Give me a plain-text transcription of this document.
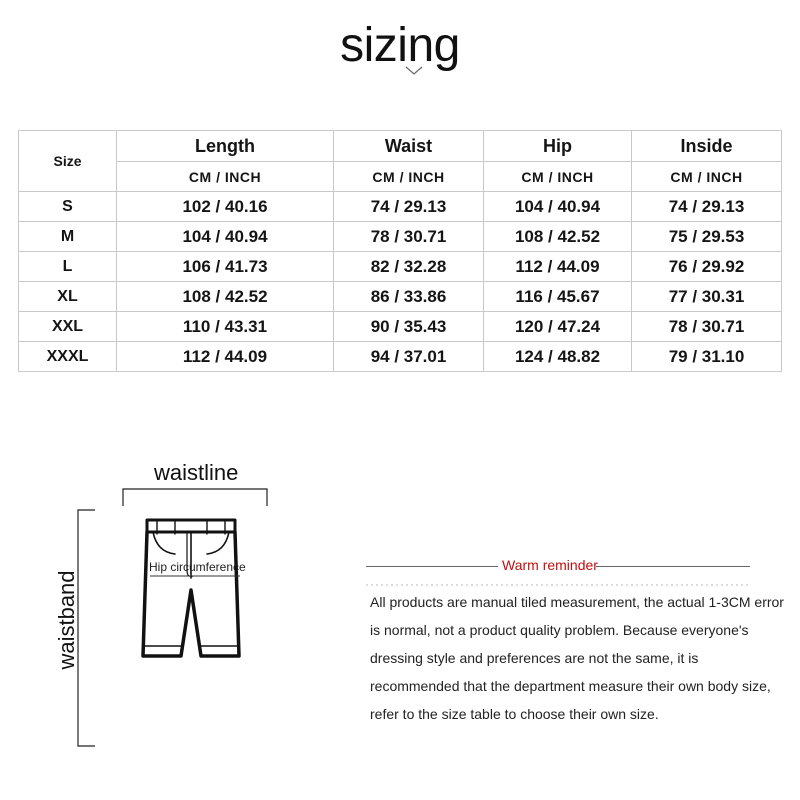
sizing
Size	Length	Waist	Hip	Inside
	CM / INCH	CM / INCH	CM / INCH	CM / INCH
S	102 / 40.16	74 / 29.13	104 / 40.94	74 / 29.13
M	104 / 40.94	78 / 30.71	108 / 42.52	75 / 29.53
L	106 / 41.73	82 / 32.28	112 / 44.09	76 / 29.92
XL	108 / 42.52	86 / 33.86	116 / 45.67	77 / 30.31
XXL	110 / 43.31	90 / 35.43	120 / 47.24	78 / 30.71
XXXL	112 / 44.09	94 / 37.01	124 / 48.82	79 / 31.10
waistline
waistband
Hip circumference	Warm reminder
All products are manual tiled measurement, the actual 1-3CM error is normal, not a product quality problem. Because everyone's dressing style and preferences are not the same, it is recommended that the department measure their own body size, refer to the size table to choose their own size.
